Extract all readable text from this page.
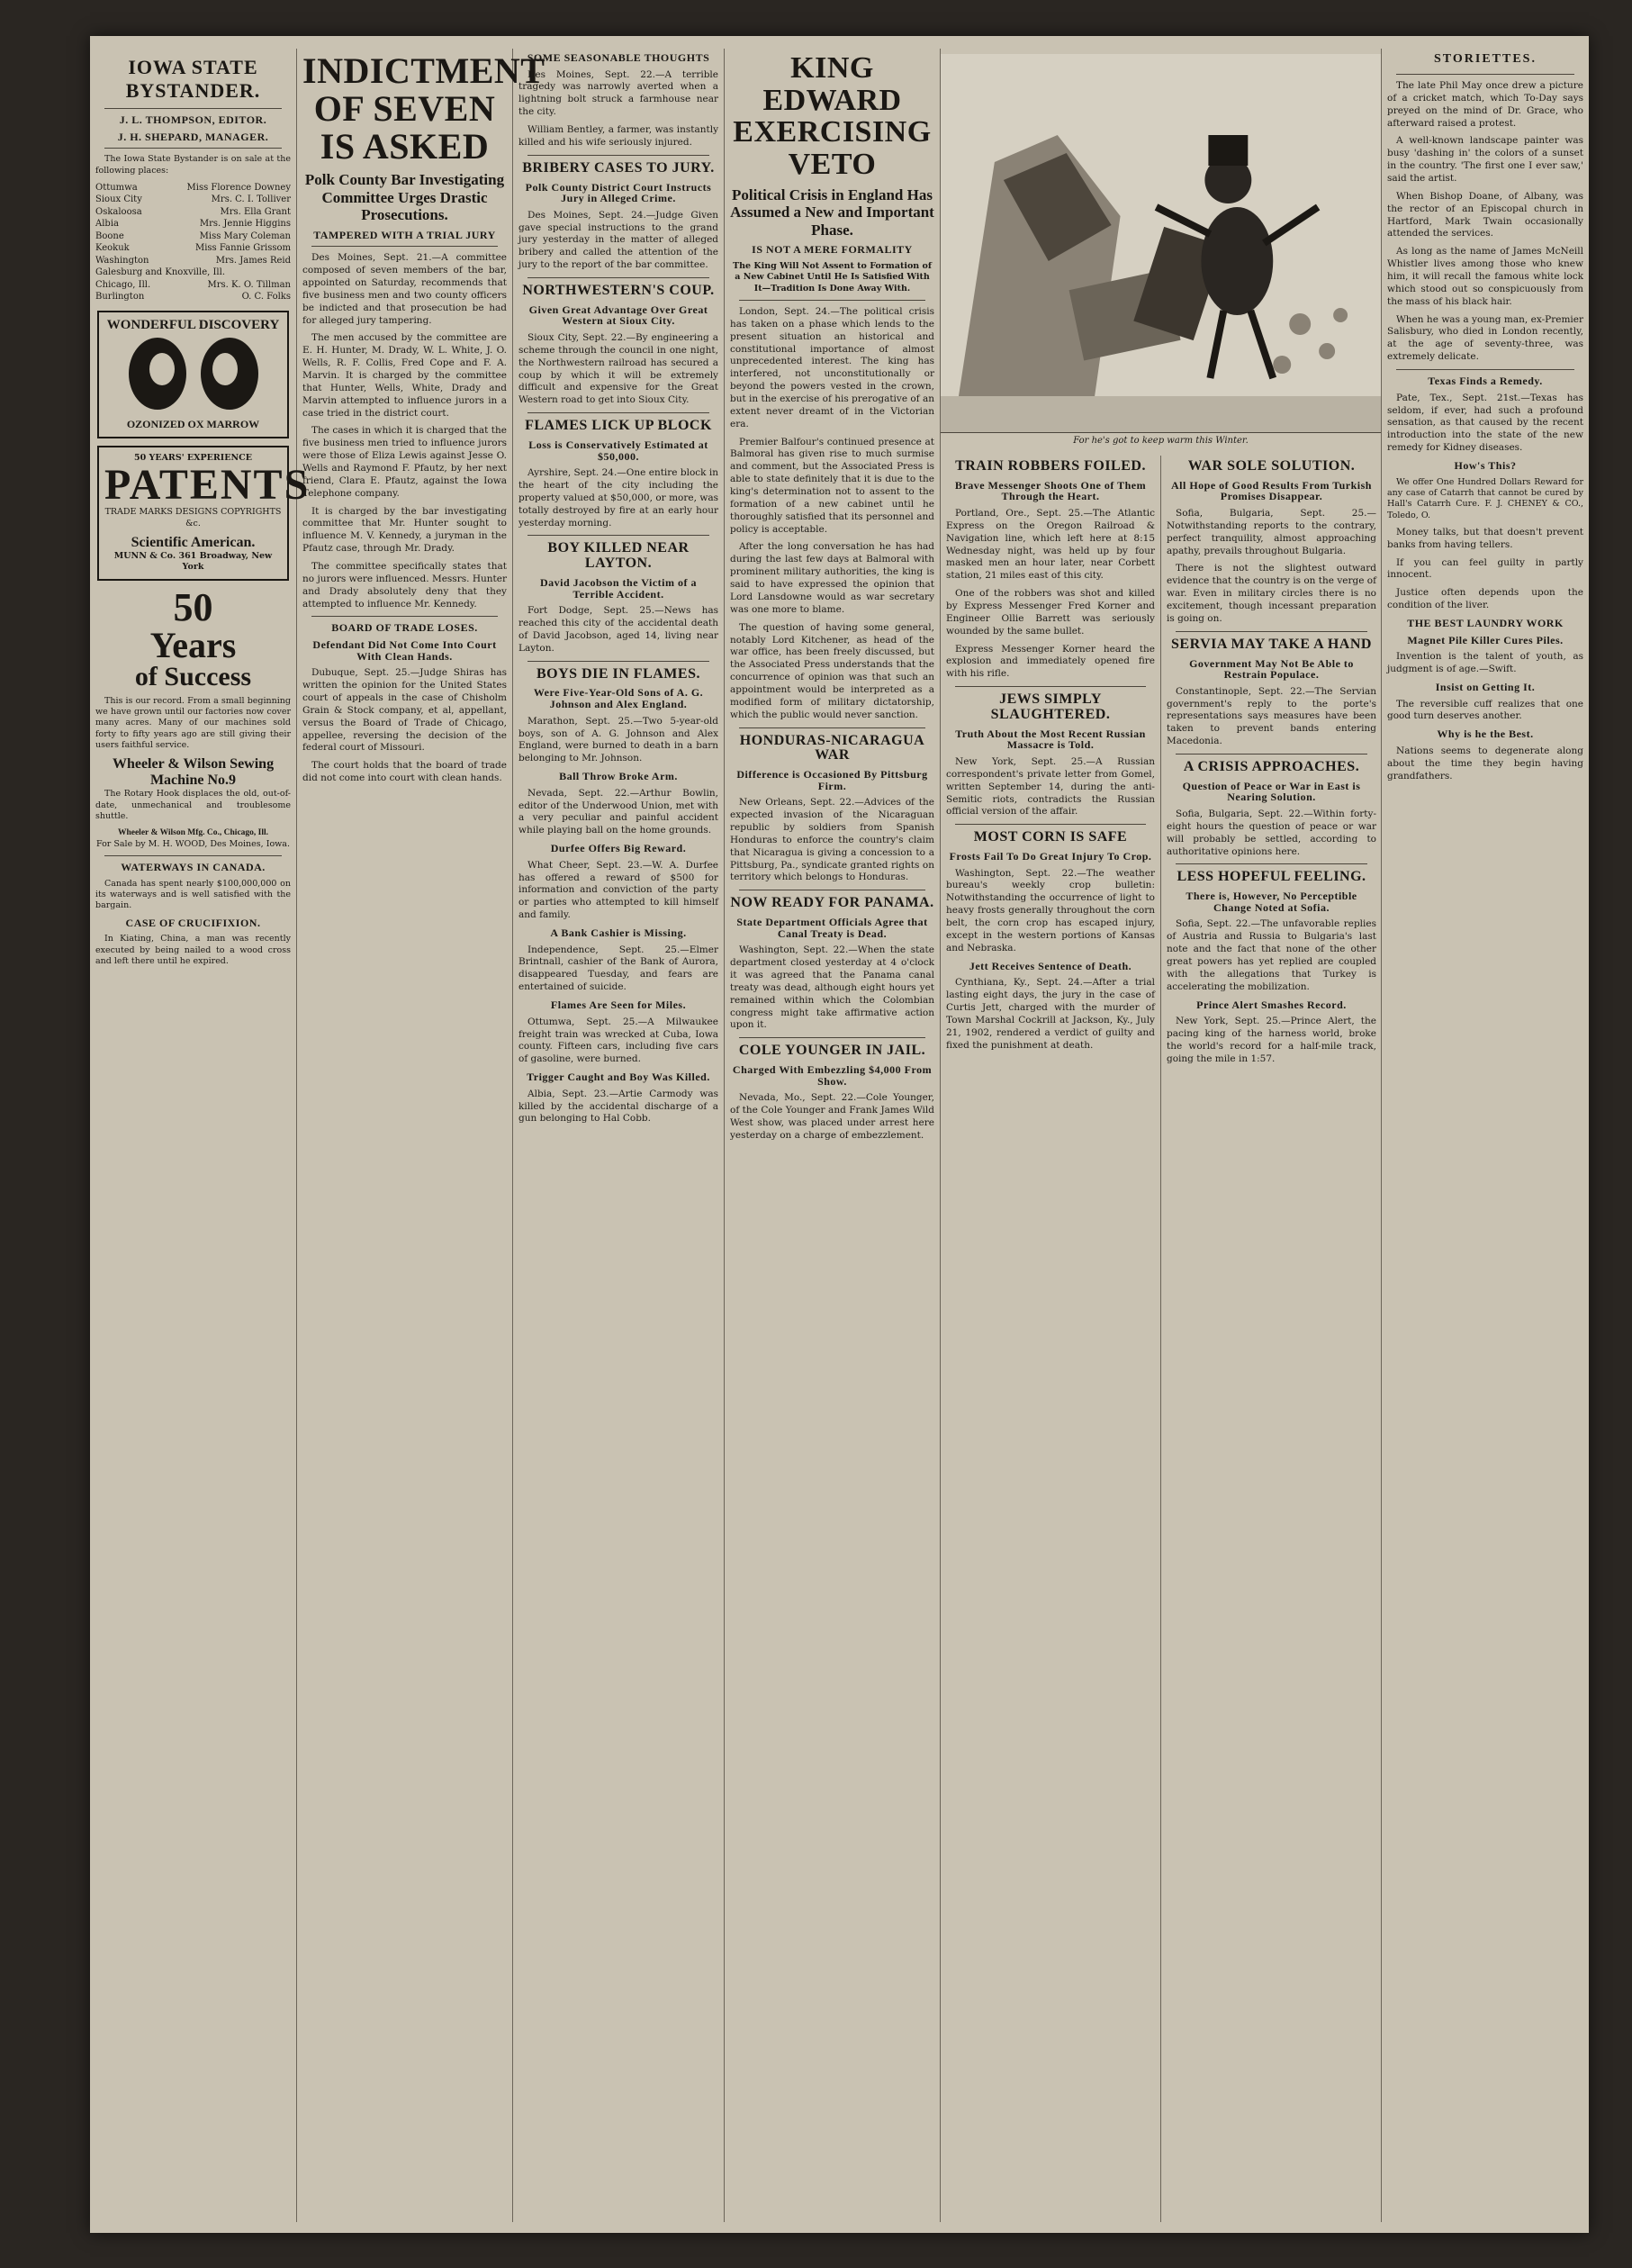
IOWA STATE BYSTANDER.
J. L. THOMPSON, EDITOR.
J. H. SHEPARD, MANAGER.
The Iowa State Bystander is on sale at the following places:
Ottumwa	Miss Florence Downey
Sioux City	Mrs. C. I. Tolliver
Oskaloosa	Mrs. Ella Grant
Albia	Mrs. Jennie Higgins
Boone	Miss Mary Coleman
Keokuk	Miss Fannie Grissom
Washington	Mrs. James Reid
Galesburg and Knoxville, Ill.
Chicago, Ill.	Mrs. K. O. Tillman
Burlington	O. C. Folks
WONDERFUL DISCOVERY
OZONIZED OX MARROW
50 YEARS' EXPERIENCE
PATENTS
TRADE MARKS DESIGNS COPYRIGHTS &c.
Scientific American.
MUNN & Co. 361 Broadway, New York
50
Years
of Success
This is our record. From a small beginning we have grown until our factories now cover many acres. Many of our machines sold forty to fifty years ago are still giving their users faithful service.
Wheeler & Wilson Sewing Machine No.9
The Rotary Hook displaces the old, out-of-date, unmechanical and troublesome shuttle.
Wheeler & Wilson Mfg. Co., Chicago, Ill.
For Sale by M. H. WOOD, Des Moines, Iowa.
WATERWAYS IN CANADA.
Canada has spent nearly $100,000,000 on its waterways and is well satisfied with the bargain.
CASE OF CRUCIFIXION.
In Kiating, China, a man was recently executed by being nailed to a wood cross and left there until he expired.
INDICTMENT OF SEVEN IS ASKED
Polk County Bar Investigating Committee Urges Drastic Prosecutions.
TAMPERED WITH A TRIAL JURY

Des Moines, Sept. 21.—A committee composed of seven members of the bar, appointed on Saturday, recommends that five business men and two county officers be indicted and that prosecution be had for alleged jury tampering.

The men accused by the committee are E. H. Hunter, M. Drady, W. L. White, J. O. Wells, R. F. Collis, Fred Cope and F. A. Marvin. It is charged by the committee that Hunter, Wells, White, Drady and Marvin attempted to influence jurors in a case tried in the district court.

The cases in which it is charged that the five business men tried to influence jurors were those of Eliza Lewis against Jesse O. Wells and Raymond F. Pfautz, by her next friend, Clara E. Pfautz, against the Iowa Telephone company.

It is charged by the bar investigating committee that Mr. Hunter sought to influence M. V. Kennedy, a juryman in the Pfautz case, through Mr. Drady.

The committee specifically states that no jurors were influenced. Messrs. Hunter and Drady absolutely deny that they attempted to influence Mr. Kennedy.

BOARD OF TRADE LOSES.
Defendant Did Not Come Into Court With Clean Hands.

Dubuque, Sept. 25.—Judge Shiras has written the opinion for the United States court of appeals in the case of Chisholm Grain & Stock company, et al, appellant, versus the Board of Trade of Chicago, appellee, reversing the decision of the federal court of Missouri.

The court holds that the board of trade did not come into court with clean hands.

SOME SEASONABLE THOUGHTS

Des Moines, Sept. 22.—A terrible tragedy was narrowly averted when a lightning bolt struck a farmhouse near the city.

William Bentley, a farmer, was instantly killed and his wife seriously injured.

BRIBERY CASES TO JURY.
Polk County District Court Instructs Jury in Alleged Crime.

Des Moines, Sept. 24.—Judge Given gave special instructions to the grand jury yesterday in the matter of alleged bribery and called the attention of the jury to the report of the bar committee.

NORTHWESTERN'S COUP.
Given Great Advantage Over Great Western at Sioux City.

Sioux City, Sept. 22.—By engineering a scheme through the council in one night, the Northwestern railroad has secured a coup by which it will be extremely difficult and expensive for the Great Western road to get into Sioux City.

FLAMES LICK UP BLOCK
Loss is Conservatively Estimated at $50,000.

Ayrshire, Sept. 24.—One entire block in the heart of the city including the property valued at $50,000, or more, was totally destroyed by fire at an early hour yesterday morning.

BOY KILLED NEAR LAYTON.
David Jacobson the Victim of a Terrible Accident.

Fort Dodge, Sept. 25.—News has reached this city of the accidental death of David Jacobson, aged 14, living near Layton.

BOYS DIE IN FLAMES.
Were Five-Year-Old Sons of A. G. Johnson and Alex England.

Marathon, Sept. 25.—Two 5-year-old boys, son of A. G. Johnson and Alex England, were burned to death in a barn belonging to Mr. Johnson.

Ball Throw Broke Arm.

Nevada, Sept. 22.—Arthur Bowlin, editor of the Underwood Union, met with a very peculiar and painful accident while playing ball on the home grounds.

Durfee Offers Big Reward.

What Cheer, Sept. 23.—W. A. Durfee has offered a reward of $500 for information and conviction of the party or parties who attempted to kill himself and family.

A Bank Cashier is Missing.

Independence, Sept. 25.—Elmer Brintnall, cashier of the Bank of Aurora, disappeared Tuesday, and fears are entertained of suicide.

Flames Are Seen for Miles.

Ottumwa, Sept. 25.—A Milwaukee freight train was wrecked at Cuba, Iowa county. Fifteen cars, including five cars of gasoline, were burned.

Trigger Caught and Boy Was Killed.

Albia, Sept. 23.—Artie Carmody was killed by the accidental discharge of a gun belonging to Hal Cobb.

KING EDWARD EXERCISING VETO
Political Crisis in England Has Assumed a New and Important Phase.
IS NOT A MERE FORMALITY
The King Will Not Assent to Formation of a New Cabinet Until He Is Satisfied With It—Tradition Is Done Away With.

London, Sept. 24.—The political crisis has taken on a phase which lends to the present situation an historical and constitutional importance of almost unprecedented interest. The king has interfered, not unconstitutionally or beyond the powers vested in the crown, but in the exercise of his prerogative of an extent never dreamt of in the Victorian era.

Premier Balfour's continued presence at Balmoral has given rise to much surmise and comment, but the Associated Press is able to state definitely that it is due to the king's determination not to assent to the formation of a new cabinet until he thoroughly satisfied that its personnel and policy is acceptable.

After the long conversation he has had during the last few days at Balmoral with prominent military authorities, the king is said to have expressed the opinion that Lord Lansdowne would as war secretary was one more to blame.

The question of having some general, notably Lord Kitchener, as head of the war office, has been freely discussed, but the Associated Press understands that the concurrence of opinion was that such an appointment would be interpreted as a modified form of military dictatorship, which the public would never sanction.

HONDURAS-NICARAGUA WAR
Difference is Occasioned By Pittsburg Firm.

New Orleans, Sept. 22.—Advices of the expected invasion of the Nicaraguan republic by soldiers from Spanish Honduras to enforce the country's claim that Nicaragua is giving a concession to a Pittsburg, Pa., syndicate granted rights on territory which belongs to Honduras.

NOW READY FOR PANAMA.
State Department Officials Agree that Canal Treaty is Dead.

Washington, Sept. 22.—When the state department closed yesterday at 4 o'clock it was agreed that the Panama canal treaty was dead, although eight hours yet remained within which the Colombian congress might take affirmative action upon it.

COLE YOUNGER IN JAIL.
Charged With Embezzling $4,000 From Show.

Nevada, Mo., Sept. 22.—Cole Younger, of the Cole Younger and Frank James Wild West show, was placed under arrest here yesterday on a charge of embezzlement.

For he's got to keep warm this Winter.
TRAIN ROBBERS FOILED.
Brave Messenger Shoots One of Them Through the Heart.

Portland, Ore., Sept. 25.—The Atlantic Express on the Oregon Railroad & Navigation line, which left here at 8:15 Wednesday night, was held up by four masked men an hour later, near Corbett station, 21 miles east of this city.

One of the robbers was shot and killed by Express Messenger Fred Korner and Engineer Ollie Barrett was seriously wounded by the same bullet.

Express Messenger Korner heard the explosion and immediately opened fire with his rifle.

JEWS SIMPLY SLAUGHTERED.
Truth About the Most Recent Russian Massacre is Told.

New York, Sept. 25.—A Russian correspondent's private letter from Gomel, written September 14, during the anti-Semitic riots, contradicts the Russian official version of the affair.

MOST CORN IS SAFE
Frosts Fail To Do Great Injury To Crop.

Washington, Sept. 22.—The weather bureau's weekly crop bulletin: Notwithstanding the occurrence of light to heavy frosts generally throughout the corn belt, the corn crop has escaped injury, except in the western portions of Kansas and Nebraska.

Jett Receives Sentence of Death.

Cynthiana, Ky., Sept. 24.—After a trial lasting eight days, the jury in the case of Curtis Jett, charged with the murder of Town Marshal Cockrill at Jackson, Ky., July 21, 1902, rendered a verdict of guilty and fixed the punishment at death.

WAR SOLE SOLUTION.
All Hope of Good Results From Turkish Promises Disappear.

Sofia, Bulgaria, Sept. 25.—Notwithstanding reports to the contrary, perfect tranquility, almost approaching apathy, prevails throughout Bulgaria.

There is not the slightest outward evidence that the country is on the verge of war. Even in military circles there is no excitement, though incessant preparation is going on.

SERVIA MAY TAKE A HAND
Government May Not Be Able to Restrain Populace.

Constantinople, Sept. 22.—The Servian government's reply to the porte's representations says measures have been taken to prevent bands entering Macedonia.

A CRISIS APPROACHES.
Question of Peace or War in East is Nearing Solution.

Sofia, Bulgaria, Sept. 22.—Within forty-eight hours the question of peace or war will probably be settled, according to authoritative opinions here.

LESS HOPEFUL FEELING.
There is, However, No Perceptible Change Noted at Sofia.

Sofia, Sept. 22.—The unfavorable replies of Austria and Russia to Bulgaria's last note and the fact that none of the other great powers has yet replied are coupled with the allegations that Turkey is accelerating the mobilization.

Prince Alert Smashes Record.

New York, Sept. 25.—Prince Alert, the pacing king of the harness world, broke the world's record for a half-mile track, going the mile in 1:57.

STORIETTES.

The late Phil May once drew a picture of a cricket match, which To-Day says preyed on the mind of Dr. Grace, who afterward raised a protest.

A well-known landscape painter was busy 'dashing in' the colors of a sunset in the country. 'The first one I ever saw,' said the artist.

When Bishop Doane, of Albany, was the rector of an Episcopal church in Hartford, Mark Twain occasionally attended the services.

As long as the name of James McNeill Whistler lives among those who knew him, it will recall the famous white lock which stood out so conspicuously from the mass of his black hair.

When he was a young man, ex-Premier Salisbury, who died in London recently, at the age of seventy-three, was extremely delicate.

Texas Finds a Remedy.

Pate, Tex., Sept. 21st.—Texas has seldom, if ever, had such a profound sensation, as that caused by the recent introduction into the state of the new remedy for Kidney diseases.

How's This?

We offer One Hundred Dollars Reward for any case of Catarrh that cannot be cured by Hall's Catarrh Cure. F. J. CHENEY & CO., Toledo, O.

Money talks, but that doesn't prevent banks from having tellers.

If you can feel guilty in partly innocent.

Justice often depends upon the condition of the liver.

THE BEST LAUNDRY WORK
Magnet Pile Killer Cures Piles.

Invention is the talent of youth, as judgment is of age.—Swift.

Insist on Getting It.

The reversible cuff realizes that one good turn deserves another.

Why is he the Best.

Nations seems to degenerate along about the time they begin having grandfathers.
